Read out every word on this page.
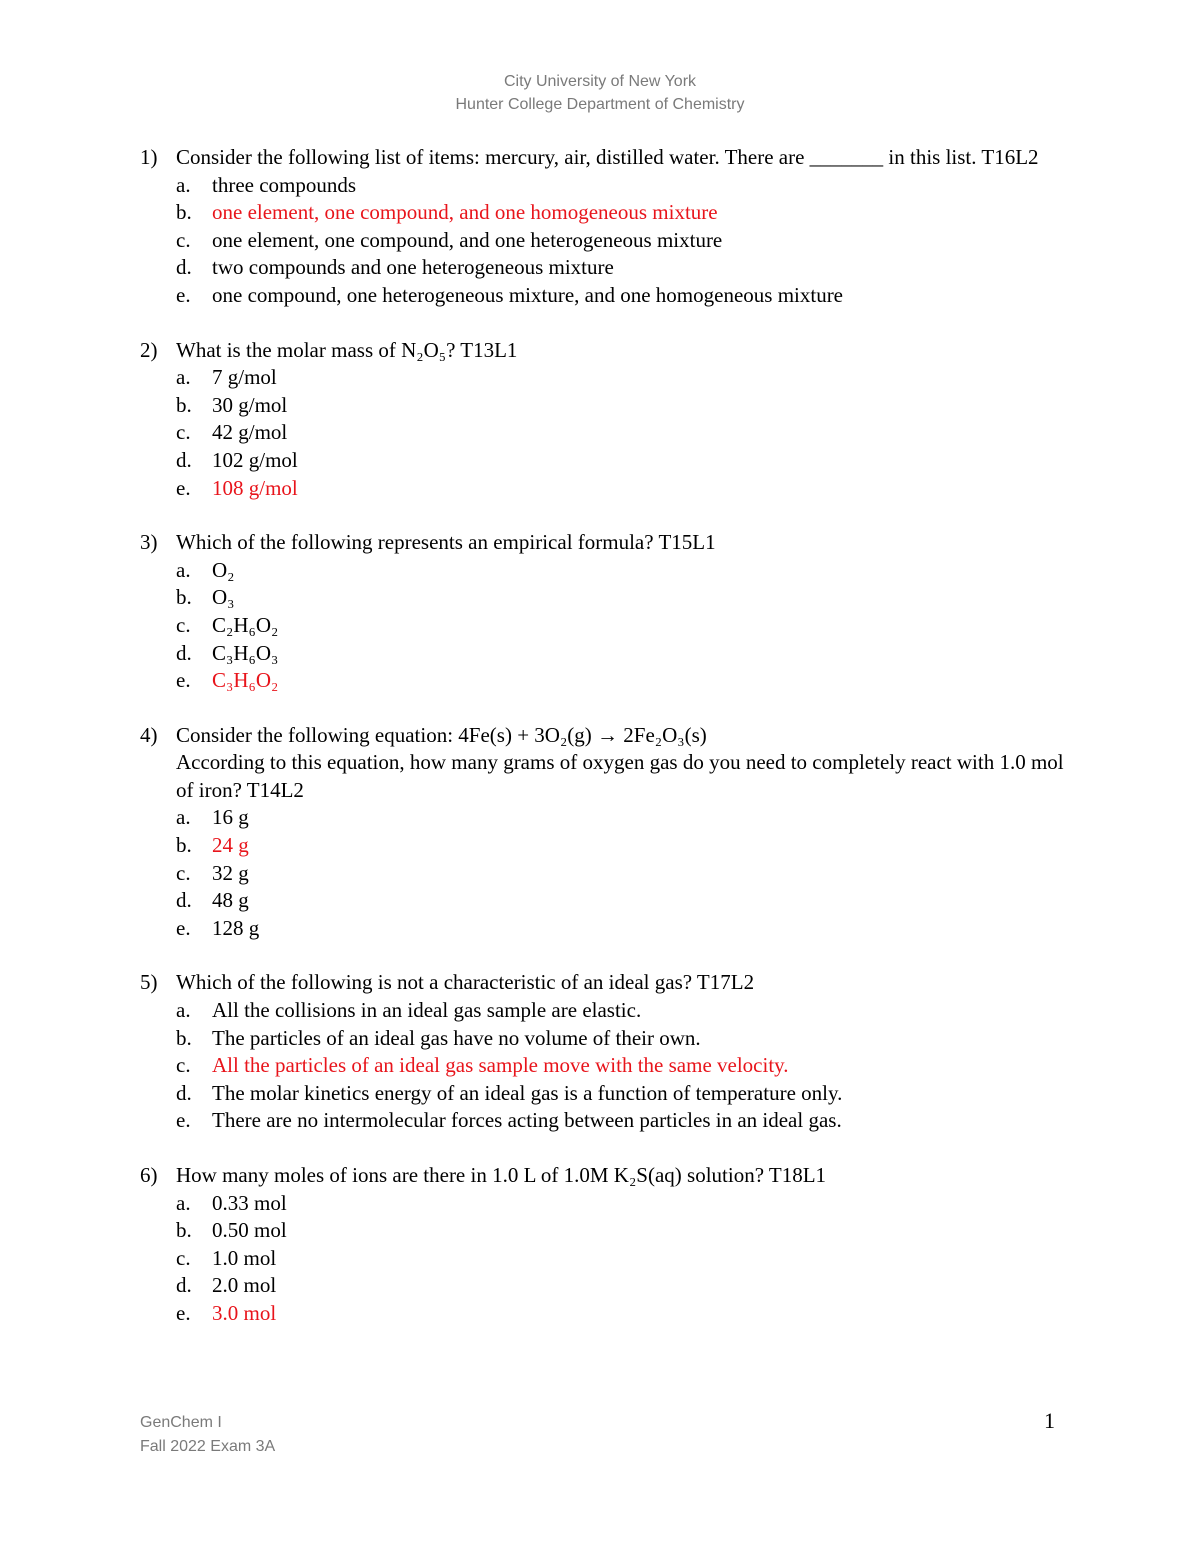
City University of New York
Hunter College Department of Chemistry
1) Consider the following list of items: mercury, air, distilled water. There are _______ in this list. T16L2
a.	three compounds
b. one element, one compound, and one homogeneous mixture
c.	one element, one compound, and one heterogeneous mixture
d. two compounds and one heterogeneous mixture
e.	one compound, one heterogeneous mixture, and one homogeneous mixture
2) What is the molar mass of N₂O₅? T13L1
a.	7 g/mol
b. 30 g/mol
c.	42 g/mol
d. 102 g/mol
e.	108 g/mol
3) Which of the following represents an empirical formula? T15L1
a.	O₂
b. O₃
c.	C₂H₆O₂
d. C₃H₆O₃
e.	C₃H₆O₂
4) Consider the following equation: 4Fe(s) + 3O₂(g) → 2Fe₂O₃(s)
According to this equation, how many grams of oxygen gas do you need to completely react with 1.0 mol of iron? T14L2
a.	16 g
b. 24 g
c.	32 g
d. 48 g
e.	128 g
5) Which of the following is not a characteristic of an ideal gas? T17L2
a.	All the collisions in an ideal gas sample are elastic.
b. The particles of an ideal gas have no volume of their own.
c.	All the particles of an ideal gas sample move with the same velocity.
d. The molar kinetics energy of an ideal gas is a function of temperature only.
e.	There are no intermolecular forces acting between particles in an ideal gas.
6) How many moles of ions are there in 1.0 L of 1.0M K₂S(aq) solution? T18L1
a.	0.33 mol
b. 0.50 mol
c.	1.0 mol
d. 2.0 mol
e.	3.0 mol
GenChem I
Fall 2022 Exam 3A
1
